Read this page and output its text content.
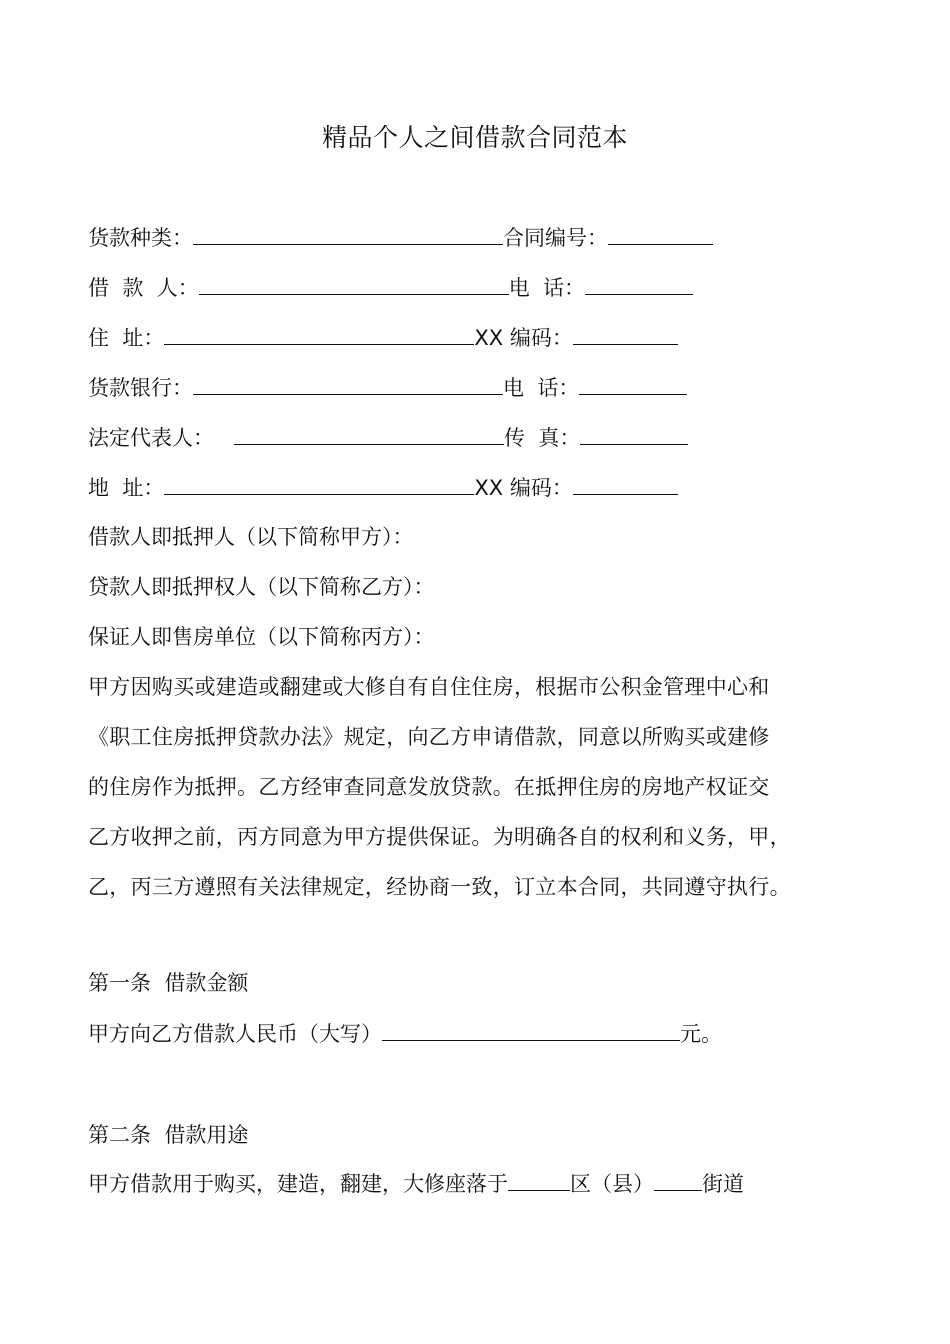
精品个人之间借款合同范本
货款种类：	合同编号：
借  款  人：	电  话：
住  址：	XX 编码：
货款银行：	电  话：
法定代表人：	传  真：
地  址：	XX 编码：
借款人即抵押人（以下简称甲方）：
贷款人即抵押权人（以下简称乙方）：
保证人即售房单位（以下简称丙方）：
甲方因购买或建造或翻建或大修自有自住住房，根据市公积金管理中心和
《职工住房抵押贷款办法》规定，向乙方申请借款，同意以所购买或建修
的住房作为抵押。乙方经审查同意发放贷款。在抵押住房的房地产权证交
乙方收押之前，丙方同意为甲方提供保证。为明确各自的权利和义务，甲，
乙，丙三方遵照有关法律规定，经协商一致，订立本合同，共同遵守执行。
第一条  借款金额
甲方向乙方借款人民币（大写）	元。
第二条  借款用途
甲方借款用于购买，建造，翻建，大修座落于	区（县） 街道
